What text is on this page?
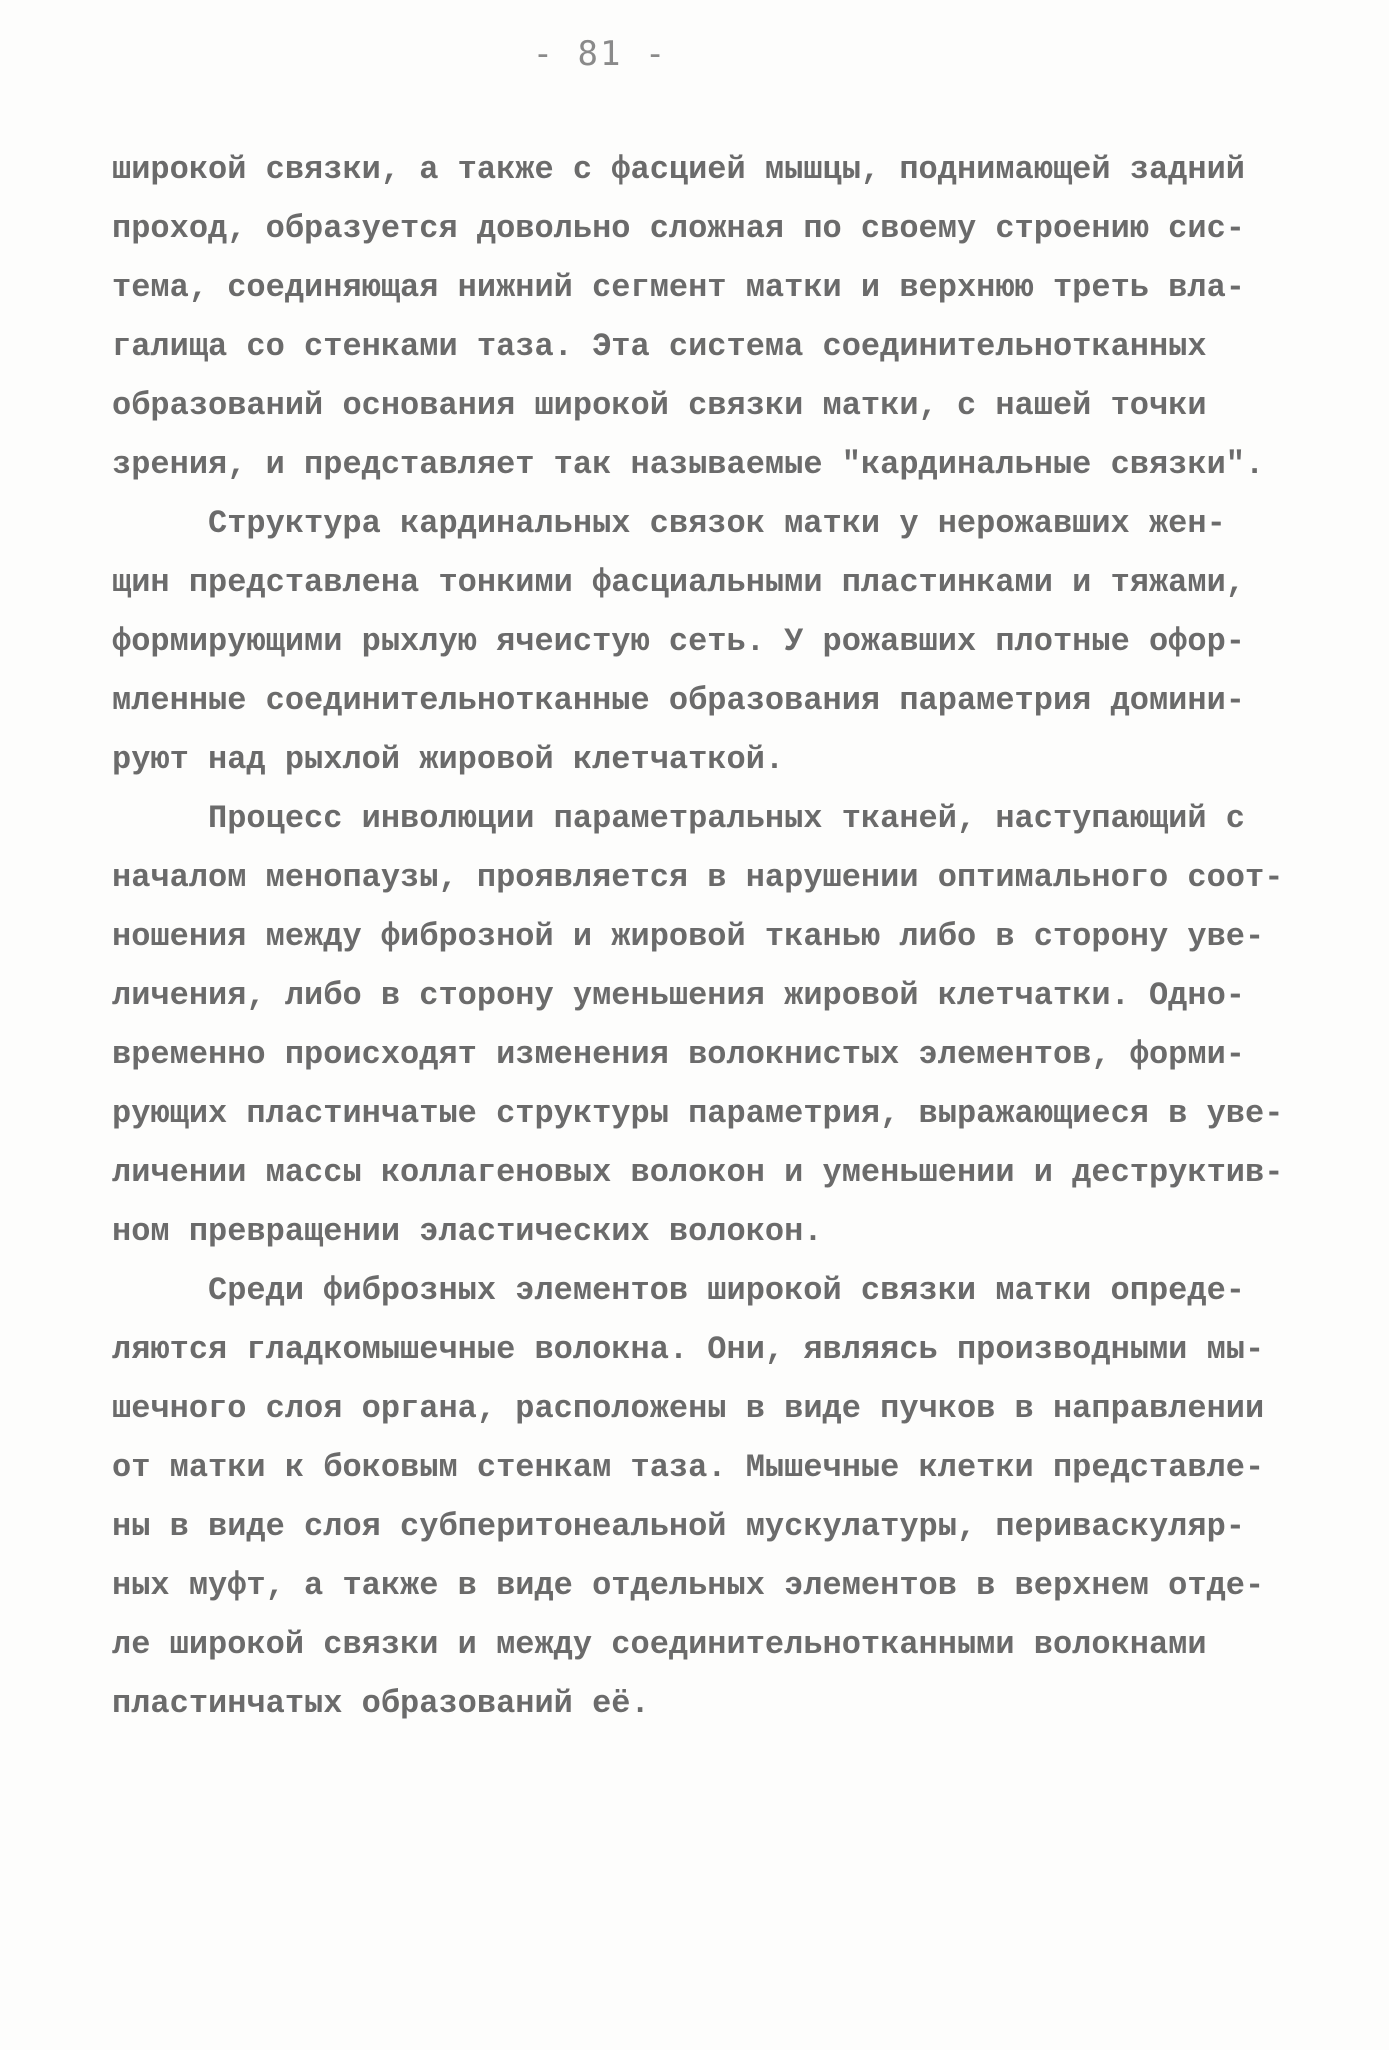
- 81 -
широкой связки, а также с фасцией мышцы, поднимающей задний
проход, образуется довольно сложная по своему строению сис-
тема, соединяющая нижний сегмент матки и верхнюю треть вла-
галища со стенками таза. Эта система соединительнотканных
образований основания широкой связки матки, с нашей точки
зрения, и представляет так называемые "кардинальные связки".
Структура кардинальных связок матки у нерожавших жен-
щин представлена тонкими фасциальными пластинками и тяжами,
формирующими рыхлую ячеистую сеть. У рожавших плотные офор-
мленные соединительнотканные образования параметрия домини-
руют над рыхлой жировой клетчаткой.
Процесс инволюции параметральных тканей, наступающий с
началом менопаузы, проявляется в нарушении оптимального соот-
ношения между фиброзной и жировой тканью либо в сторону уве-
личения, либо в сторону уменьшения жировой клетчатки. Одно-
временно происходят изменения волокнистых элементов, форми-
рующих пластинчатые структуры параметрия, выражающиеся в уве-
личении массы коллагеновых волокон и уменьшении и деструктив-
ном превращении эластических волокон.
Среди фиброзных элементов широкой связки матки опреде-
ляются гладкомышечные волокна. Они, являясь производными мы-
шечного слоя органа, расположены в виде пучков в направлении
от матки к боковым стенкам таза. Мышечные клетки представле-
ны в виде слоя субперитонеальной мускулатуры, периваскуляр-
ных муфт, а также в виде отдельных элементов в верхнем отде-
ле широкой связки и между соединительнотканными волокнами
пластинчатых образований её.
